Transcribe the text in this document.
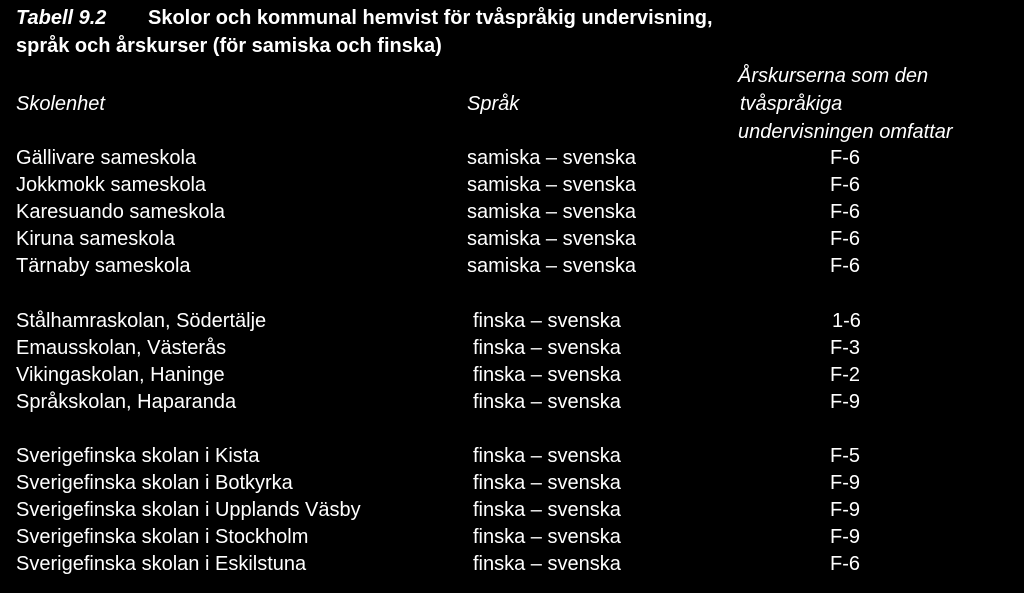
Tabell 9.2 Skolor och kommunal hemvist för tvåspråkig undervisning,
språk och årskurser (för samiska och finska)
Skolenhet	Språk
Årskurserna som den
tvåspråkiga
undervisningen omfattar
Gällivare sameskola	samiska – svenska	F-6
Jokkmokk sameskola	samiska – svenska	F-6
Karesuando sameskola	samiska – svenska	F-6
Kiruna sameskola	samiska – svenska	F-6
Tärnaby sameskola	samiska – svenska	F-6
Stålhamraskolan, Södertälje	finska – svenska	1-6
Emausskolan, Västerås	finska – svenska	F-3
Vikingaskolan, Haninge	finska – svenska	F-2
Språkskolan, Haparanda	finska – svenska	F-9
Sverigefinska skolan i Kista	finska – svenska	F-5
Sverigefinska skolan i Botkyrka	finska – svenska	F-9
Sverigefinska skolan i Upplands Väsby	finska – svenska	F-9
Sverigefinska skolan i Stockholm	finska – svenska	F-9
Sverigefinska skolan i Eskilstuna	finska – svenska	F-6
